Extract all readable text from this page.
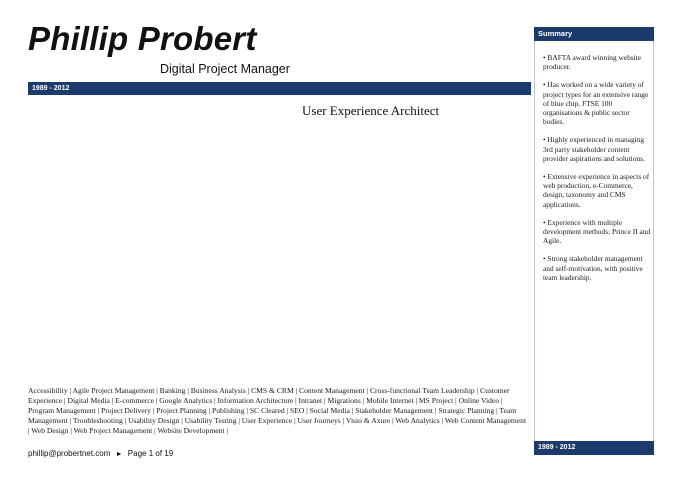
Phillip Probert
Digital Project Manager
1989 - 2012
User Experience Architect
Accessibility | Agile Project Management | Banking | Business Analysis | CMS & CRM | Content Management | Cross-functional Team Leadership | Customer Experience | Digital Media | E-commerce | Google Analytics | Information Architecture | Intranet | Migrations | Mobile Internet | MS Project | Online Video | Program Management | Project Delivery | Project Planning | Publishing | SC Cleared | SEO | Social Media | Stakeholder Management | Strategic Planning | Team Management | Troubleshooting | Usability Design | Usability Testing | User Experience | User Journeys | Visio & Axure | Web Analytics | Web Content Management | Web Design | Web Project Management | Website Development |
phillip@probertnet.com ► Page 1 of 19
Summary
• BAFTA award winning website producer.
• Has worked on a wide variety of project types for an extensive range of blue chip, FTSE 100 organisations & public sector bodies.
• Highly experienced in managing 3rd party stakeholder content provider aspirations and solutions.
• Extensive experience in aspects of web production, e-Commerce, design, taxonomy and CMS applications.
• Experience with multiple development methods; Prince II and Agile.
• Strong stakeholder management and self-motivation, with positive team leadership.
1989 - 2012
